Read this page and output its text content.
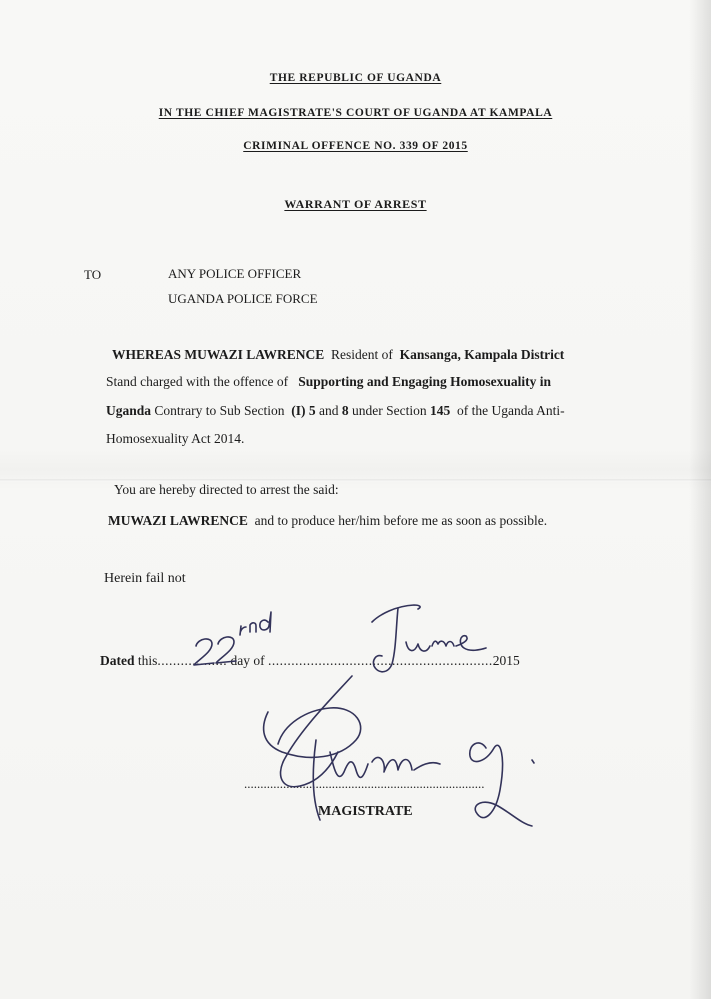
THE REPUBLIC OF UGANDA
IN THE CHIEF MAGISTRATE'S COURT OF UGANDA AT KAMPALA
CRIMINAL OFFENCE NO. 339 OF 2015
WARRANT OF ARREST
TO	ANY POLICE OFFICER
UGANDA POLICE FORCE
WHEREAS MUWAZI LAWRENCE Resident of Kansanga, Kampala District
Stand charged with the offence of Supporting and Engaging Homosexuality in
Uganda Contrary to Sub Section (I) 5 and 8 under Section 145 of the Uganda Anti-
Homosexuality Act 2014.
You are hereby directed to arrest the said:
MUWAZI LAWRENCE and to produce her/him before me as soon as possible.
Herein fail not
Dated this.................. day of ..........................................................2015
..........................................................................
MAGISTRATE
